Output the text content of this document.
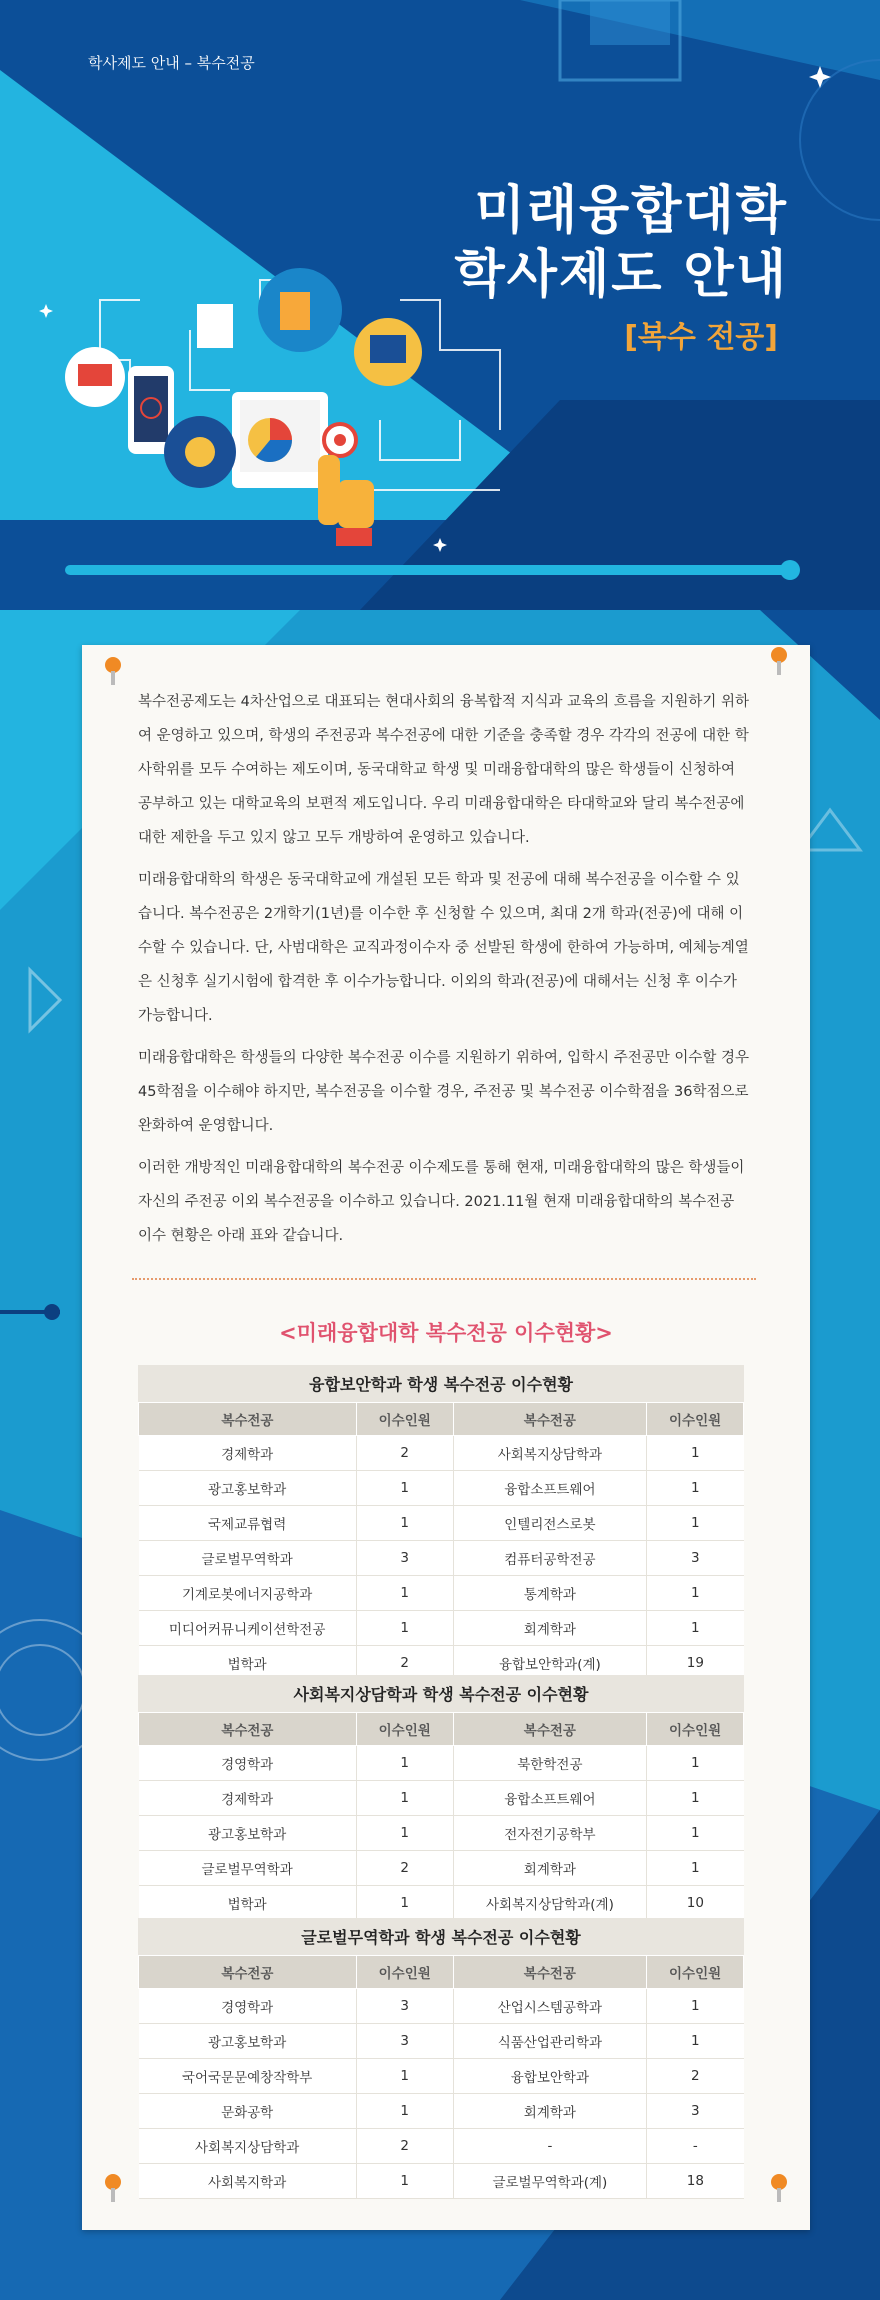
학사제도 안내 – 복수전공
미래융합대학
학사제도 안내
[복수 전공]

복수전공제도는 4차산업으로 대표되는 현대사회의 융복합적 지식과 교육의 흐름을 지원하기 위하여 운영하고 있으며, 학생의 주전공과 복수전공에 대한 기준을 충족할 경우 각각의 전공에 대한 학사학위를 모두 수여하는 제도이며, 동국대학교 학생 및 미래융합대학의 많은 학생들이 신청하여 공부하고 있는 대학교육의 보편적 제도입니다. 우리 미래융합대학은 타대학교와 달리 복수전공에 대한 제한을 두고 있지 않고 모두 개방하여 운영하고 있습니다.

미래융합대학의 학생은 동국대학교에 개설된 모든 학과 및 전공에 대해 복수전공을 이수할 수 있습니다. 복수전공은 2개학기(1년)를 이수한 후 신청할 수 있으며, 최대 2개 학과(전공)에 대해 이수할 수 있습니다. 단, 사범대학은 교직과정이수자 중 선발된 학생에 한하여 가능하며, 예체능계열은 신청후 실기시험에 합격한 후 이수가능합니다. 이외의 학과(전공)에 대해서는 신청 후 이수가 가능합니다.

미래융합대학은 학생들의 다양한 복수전공 이수를 지원하기 위하여, 입학시 주전공만 이수할 경우 45학점을 이수해야 하지만, 복수전공을 이수할 경우, 주전공 및 복수전공 이수학점을 36학점으로 완화하여 운영합니다.

이러한 개방적인 미래융합대학의 복수전공 이수제도를 통해 현재, 미래융합대학의 많은 학생들이 자신의 주전공 이외 복수전공을 이수하고 있습니다. 2021.11월 현재 미래융합대학의 복수전공 이수 현황은 아래 표와 같습니다.

<미래융합대학 복수전공 이수현황>
융합보안학과 학생 복수전공 이수현황
복수전공	이수인원	복수전공	이수인원
경제학과	2	사회복지상담학과	1
광고홍보학과	1	융합소프트웨어	1
국제교류협력	1	인텔리전스로봇	1
글로벌무역학과	3	컴퓨터공학전공	3
기계로봇에너지공학과	1	통계학과	1
미디어커뮤니케이션학전공	1	회계학과	1
법학과	2	융합보안학과(계)	19
사회복지상담학과 학생 복수전공 이수현황
복수전공	이수인원	복수전공	이수인원
경영학과	1	북한학전공	1
경제학과	1	융합소프트웨어	1
광고홍보학과	1	전자전기공학부	1
글로벌무역학과	2	회계학과	1
법학과	1	사회복지상담학과(계)	10
글로벌무역학과 학생 복수전공 이수현황
복수전공	이수인원	복수전공	이수인원
경영학과	3	산업시스템공학과	1
광고홍보학과	3	식품산업관리학과	1
국어국문문예창작학부	1	융합보안학과	2
문화공학	1	회계학과	3
사회복지상담학과	2	-	-
사회복지학과	1	글로벌무역학과(계)	18
